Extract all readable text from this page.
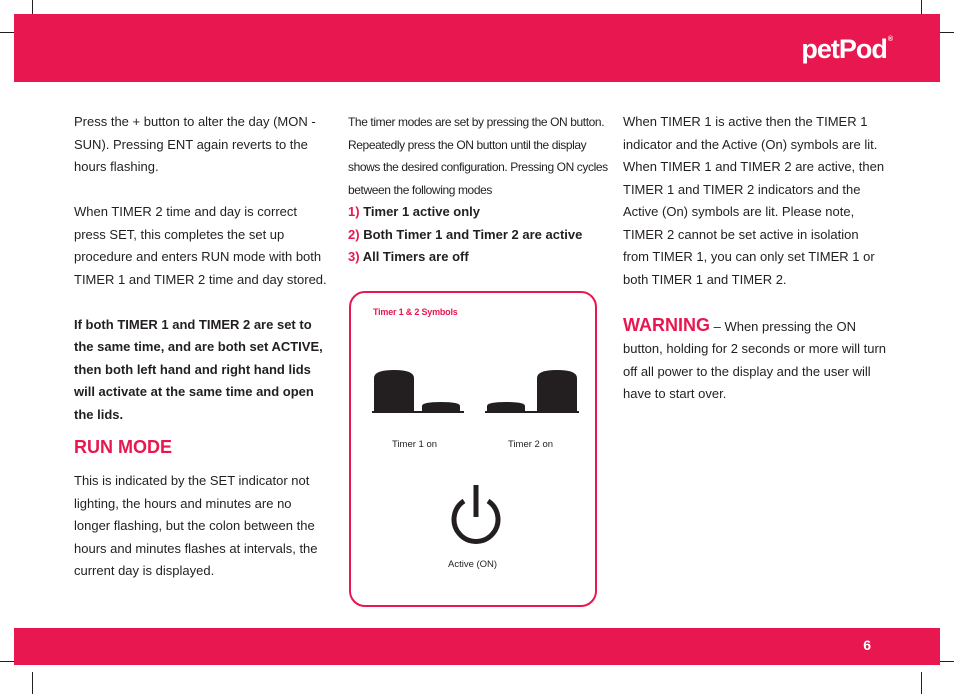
petPod®
6

Press the + button to alter the day (MON - SUN). Pressing ENT again reverts to the hours flashing.

When TIMER 2 time and day is correct press SET, this completes the set up procedure and enters RUN mode with both TIMER 1 and TIMER 2 time and day stored.

If both TIMER 1 and TIMER 2 are set to the same time, and are both set ACTIVE, then both left hand and right hand lids will activate at the same time and open the lids.

RUN MODE

This is indicated by the SET indicator not lighting, the hours and minutes are no longer flashing, but the colon between the hours and minutes flashes at intervals, the current day is displayed.

The timer modes are set by pressing the ON button. Repeatedly press the ON button until the display shows the desired configuration. Pressing ON cycles between the following modes

1) Timer 1 active only
2) Both Timer 1 and Timer 2 are active
3) All Timers are off
Timer 1 & 2 Symbols
Timer 1 on	Timer 2 on
Active (ON)

When TIMER 1 is active then the TIMER 1 indicator and the Active (On) symbols are lit. When TIMER 1 and TIMER 2 are active, then TIMER 1 and TIMER 2 indicators and the Active (On) symbols are lit. Please note, TIMER 2 cannot be set active in isolation from TIMER 1, you can only set TIMER 1 or both TIMER 1 and TIMER 2.

WARNING – When pressing the ON button, holding for 2 seconds or more will turn off all power to the display and the user will have to start over.
